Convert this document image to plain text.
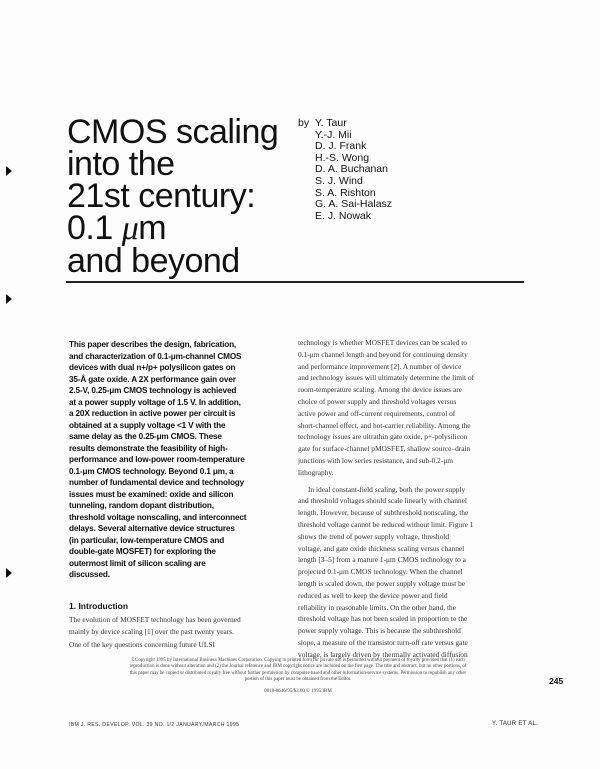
CMOS scaling
into the
21st century:
0.1 μm
and beyond
by Y. Taur
Y.-J. Mii
D. J. Frank
H.-S. Wong
D. A. Buchanan
S. J. Wind
S. A. Rishton
G. A. Sai-Halasz
E. J. Nowak
This paper describes the design, fabrication,
and characterization of 0.1-μm-channel CMOS
devices with dual n+/p+ polysilicon gates on
35-Å gate oxide. A 2X performance gain over
2.5-V, 0.25-μm CMOS technology is achieved
at a power supply voltage of 1.5 V. In addition,
a 20X reduction in active power per circuit is
obtained at a supply voltage <1 V with the
same delay as the 0.25-μm CMOS. These
results demonstrate the feasibility of high-
performance and low-power room-temperature
0.1-μm CMOS technology. Beyond 0.1 μm, a
number of fundamental device and technology
issues must be examined: oxide and silicon
tunneling, random dopant distribution,
threshold voltage nonscaling, and interconnect
delays. Several alternative device structures
(in particular, low-temperature CMOS and
double-gate MOSFET) for exploring the
outermost limit of silicon scaling are
discussed.
1. Introduction
The evolution of MOSFET technology has been governed
mainly by device scaling [1] over the past twenty years.
One of the key questions concerning future ULSI
technology is whether MOSFET devices can be scaled to
0.1-μm channel length and beyond for continuing density
and performance improvement [2]. A number of device
and technology issues will ultimately determine the limit of
room-temperature scaling. Among the device issues are
choice of power supply and threshold voltages versus
active power and off-current requirements, control of
short-channel effect, and hot-carrier reliability. Among the
technology issues are ultrathin gate oxide, p+-polysilicon
gate for surface-channel pMOSFET, shallow source–drain
junctions with low series resistance, and sub-0.2-μm
lithography.
In ideal constant-field scaling, both the power supply
and threshold voltages should scale linearly with channel
length. However, because of subthreshold nonscaling, the
threshold voltage cannot be reduced without limit. Figure 1
shows the trend of power supply voltage, threshold
voltage, and gate oxide thickness scaling versus channel
length [3–5] from a mature 1-μm CMOS technology to a
projected 0.1-μm CMOS technology. When the channel
length is scaled down, the power supply voltage must be
reduced as well to keep the device power and field
reliability in reasonable limits. On the other hand, the
threshold voltage has not been scaled in proportion to the
power supply voltage. This is because the subthreshold
slope, a measure of the transistor turn-off rate versus gate
voltage, is largely driven by thermally activated diffusion
©Copyright 1995 by International Business Machines Corporation. Copying in printed form for private use is permitted without payment of royalty provided that (1) each
reproduction is done without alteration and (2) the Journal reference and IBM copyright notice are included on the first page. The title and abstract, but no other portions, of
this paper may be copied or distributed royalty free without further permission by computer-based and other information-service systems. Permission to republish any other
portion of this paper must be obtained from the Editor.
0018-8646/95/$3.00 © 1995 IBM
245
IBM J. RES. DEVELOP. VOL. 39 NO. 1/2 JANUARY/MARCH 1995	Y. TAUR ET AL.
